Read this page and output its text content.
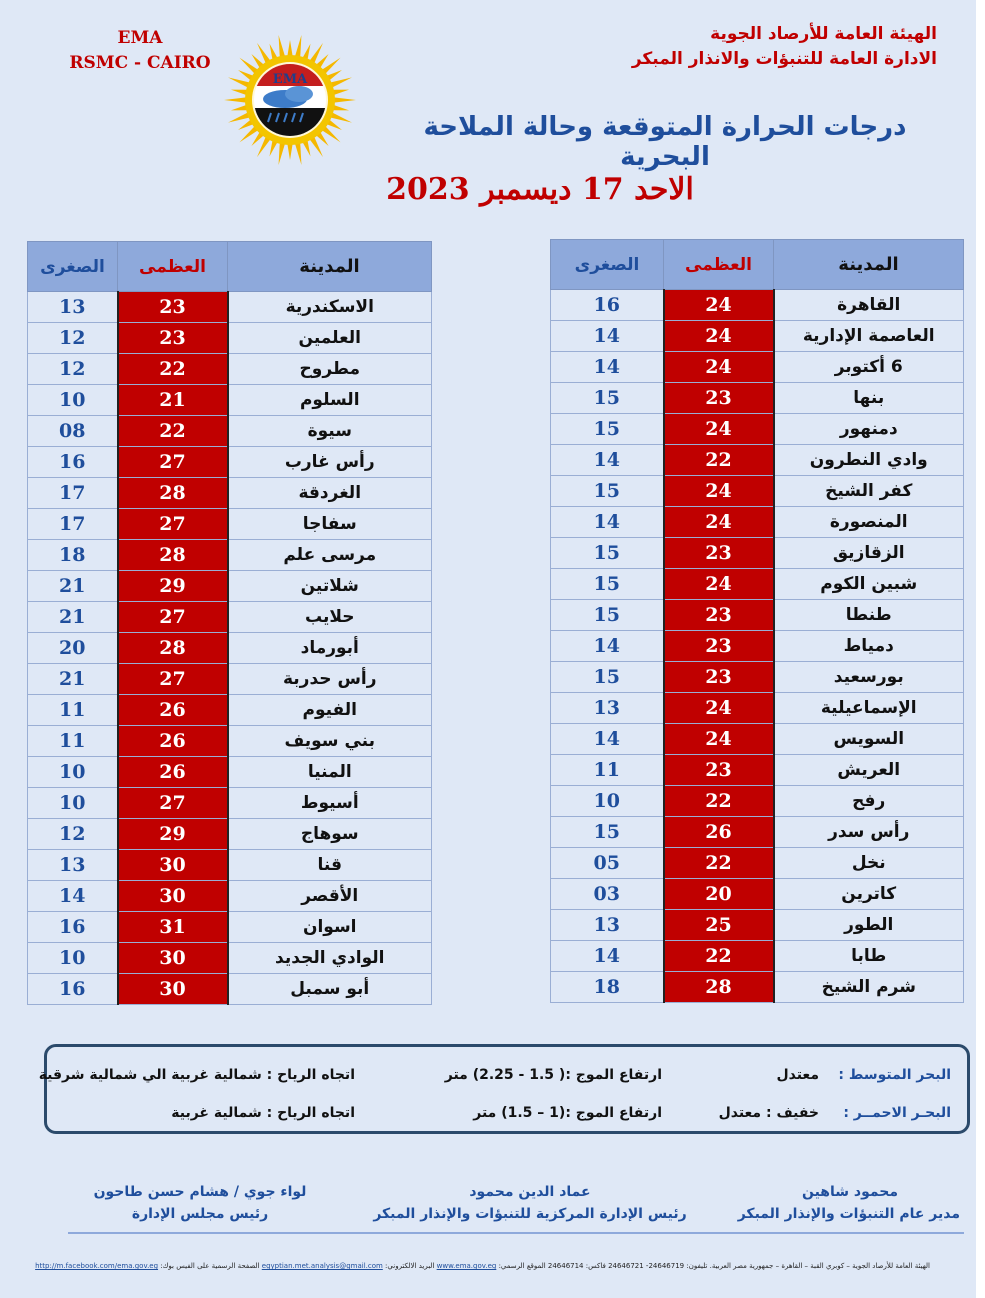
EMA
RSMC - CAIRO
EMA
الهيئة العامة للأرصاد الجوية
الادارة العامة للتنبؤات والانذار المبكر
درجات الحرارة المتوقعة وحالة الملاحة البحرية
الاحد 17 ديسمبر 2023
المدينة	العظمى	الصغرى
القاهرة	24	16
العاصمة الإدارية	24	14
6 أكتوبر	24	14
بنها	23	15
دمنهور	24	15
وادي النطرون	22	14
كفر الشيخ	24	15
المنصورة	24	14
الزقازيق	23	15
شبين الكوم	24	15
طنطا	23	15
دمياط	23	14
بورسعيد	23	15
الإسماعيلية	24	13
السويس	24	14
العريش	23	11
رفح	22	10
رأس سدر	26	15
نخل	22	05
كاترين	20	03
الطور	25	13
طابا	22	14
شرم الشيخ	28	18
المدينة	العظمى	الصغرى
الاسكندرية	23	13
العلمين	23	12
مطروح	22	12
السلوم	21	10
سيوة	22	08
رأس غارب	27	16
الغردقة	28	17
سفاجا	27	17
مرسى علم	28	18
شلاتين	29	21
حلايب	27	21
أبورماد	28	20
رأس حدربة	27	21
الفيوم	26	11
بني سويف	26	11
المنيا	26	10
أسيوط	27	10
سوهاج	29	12
قنا	30	13
الأقصر	30	14
اسوان	31	16
الوادي الجديد	30	10
أبو سمبل	30	16
البحر المتوسط :
معتدل
ارتفاع الموج :( 1.5 - 2.25) متر
اتجاه الرياح : شمالية غربية الي شمالية شرقية
البحـر الاحمــر :
خفيف : معتدل
ارتفاع الموج :(1 – 1.5) متر
اتجاه الرياح : شمالية غربية
محمود شاهين
مدير عام التنبؤات والإنذار المبكر
عماد الدين محمود
رئيس الإدارة المركزية للتنبؤات والإنذار المبكر
لواء جوي / هشام حسن طاحون
رئيس مجلس الإدارة
الهيئة العامة للأرصاد الجوية – كوبري القبة – القاهرة – جمهورية مصر العربية. تليفون: 24646719- 24646721 فاكس: 24646714 الموقع الرسمي: www.ema.gov.eg البريد الالكتروني: egyptian.met.analysis@gmail.com الصفحة الرسمية على الفيس بوك: http://m.facebook.com/ema.gov.eg
